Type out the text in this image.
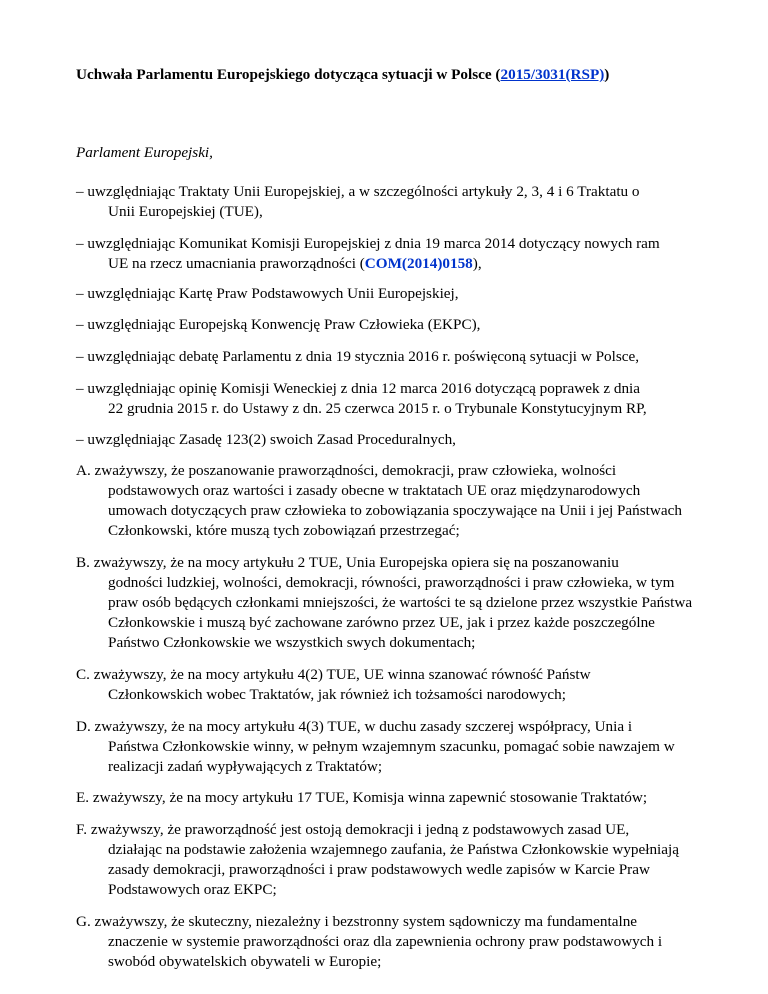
Uchwała Parlamentu Europejskiego dotycząca sytuacji w Polsce (2015/3031(RSP))

Parlament Europejski,

– uwzględniając Traktaty Unii Europejskiej, a w szczególności artykuły 2, 3, 4 i 6 Traktatu o
Unii Europejskiej (TUE),

– uwzględniając Komunikat Komisji Europejskiej z dnia 19 marca 2014 dotyczący nowych ram
UE na rzecz umacniania praworządności (COM(2014)0158),

– uwzględniając Kartę Praw Podstawowych Unii Europejskiej,

– uwzględniając Europejską Konwencję Praw Człowieka (EKPC),

– uwzględniając debatę Parlamentu z dnia 19 stycznia 2016 r. poświęconą sytuacji w Polsce,

– uwzględniając opinię Komisji Weneckiej z dnia 12 marca 2016 dotyczącą poprawek z dnia
22 grudnia 2015 r. do Ustawy z dn. 25 czerwca 2015 r. o Trybunale Konstytucyjnym RP,

– uwzględniając Zasadę 123(2) swoich Zasad Proceduralnych,

A. zważywszy, że poszanowanie praworządności, demokracji, praw człowieka, wolności
podstawowych oraz wartości i zasady obecne w traktatach UE oraz międzynarodowych umowach dotyczących praw człowieka to zobowiązania spoczywające na Unii i jej Państwach Członkowski, które muszą tych zobowiązań przestrzegać;

B. zważywszy, że na mocy artykułu 2 TUE, Unia Europejska opiera się na poszanowaniu
godności ludzkiej, wolności, demokracji, równości, praworządności i praw człowieka, w tym praw osób będących członkami mniejszości, że wartości te są dzielone przez wszystkie Państwa Członkowskie i muszą być zachowane zarówno przez UE, jak i przez każde poszczególne Państwo Członkowskie we wszystkich swych dokumentach;

C. zważywszy, że na mocy artykułu 4(2) TUE, UE winna szanować równość Państw
Członkowskich wobec Traktatów, jak również ich tożsamości narodowych;

D. zważywszy, że na mocy artykułu 4(3) TUE, w duchu zasady szczerej współpracy, Unia i
Państwa Członkowskie winny, w pełnym wzajemnym szacunku, pomagać sobie nawzajem w realizacji zadań wypływających z Traktatów;

E. zważywszy, że na mocy artykułu 17 TUE, Komisja winna zapewnić stosowanie Traktatów;

F. zważywszy, że praworządność jest ostoją demokracji i jedną z podstawowych zasad UE,
działając na podstawie założenia wzajemnego zaufania, że Państwa Członkowskie wypełniają zasady demokracji, praworządności i praw podstawowych wedle zapisów w Karcie Praw Podstawowych oraz EKPC;

G. zważywszy, że skuteczny, niezależny i bezstronny system sądowniczy ma fundamentalne
znaczenie w systemie praworządności oraz dla zapewnienia ochrony praw podstawowych i swobód obywatelskich obywateli w Europie;
